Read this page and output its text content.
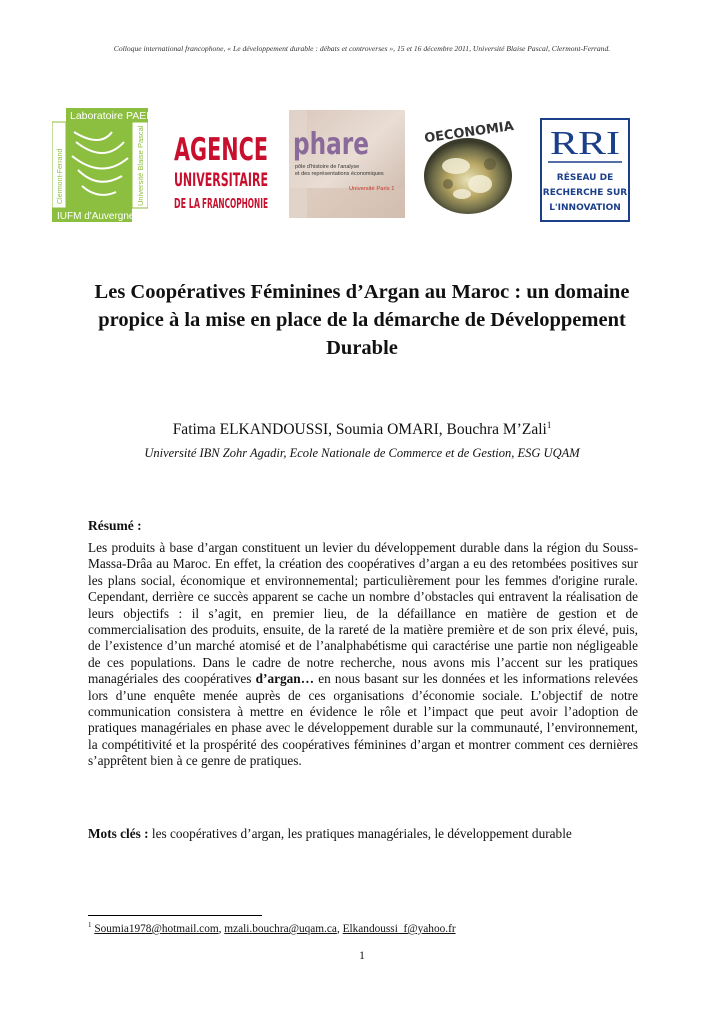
Colloque international francophone, « Le développement durable : débats et controverses », 15 et 16 décembre 2011, Université Blaise Pascal, Clermont-Ferrand.
Laboratoire PAE
Clermont-Ferrand	Université Blaise Pascal
IUFM d'Auvergne
AGENCE
UNIVERSITAIRE
DE LA FRANCOPHONIE
phare
pôle d'histoire de l'analyse
et des représentations économiques
Université Paris 1
OECONOMIA RRI
RÉSEAU DE
RECHERCHE SUR
L'INNOVATION
Les Coopératives Féminines d’Argan au Maroc : un domaine propice à la mise en place de la démarche de Développement Durable
Fatima ELKANDOUSSI, Soumia OMARI, Bouchra M’Zali$^1$
Université IBN Zohr Agadir, Ecole Nationale de Commerce et de Gestion, ESG UQAM
Résumé :
Les produits à base d’argan constituent un levier du développement durable dans la région du Souss-Massa-Drâa au Maroc. En effet, la création des coopératives d’argan a eu des retombées positives sur les plans social, économique et environnemental; particulièrement pour les femmes d'origine rurale. Cependant, derrière ce succès apparent se cache un nombre d’obstacles qui entravent la réalisation de leurs objectifs : il s’agit, en premier lieu, de la défaillance en matière de gestion et de commercialisation des produits, ensuite, de la rareté de la matière première et de son prix élevé, puis, de l’existence d’un marché atomisé et de l’analphabétisme qui caractérise une partie non négligeable de ces populations. Dans le cadre de notre recherche, nous avons mis l’accent sur les pratiques managériales des coopératives d’argan… en nous basant sur les données et les informations relevées lors d’une enquête menée auprès de ces organisations d’économie sociale. L’objectif de notre communication consistera à mettre en évidence le rôle et l’impact que peut avoir l’adoption de pratiques managériales en phase avec le développement durable sur la communauté, l’environnement, la compétitivité et la prospérité des coopératives féminines d’argan et montrer comment ces dernières s’apprêtent bien à ce genre de pratiques.
Mots clés : les coopératives d’argan, les pratiques managériales, le développement durable
$^1$ Soumia1978@hotmail.com, mzali.bouchra@uqam.ca, Elkandoussi_f@yahoo.fr
1
